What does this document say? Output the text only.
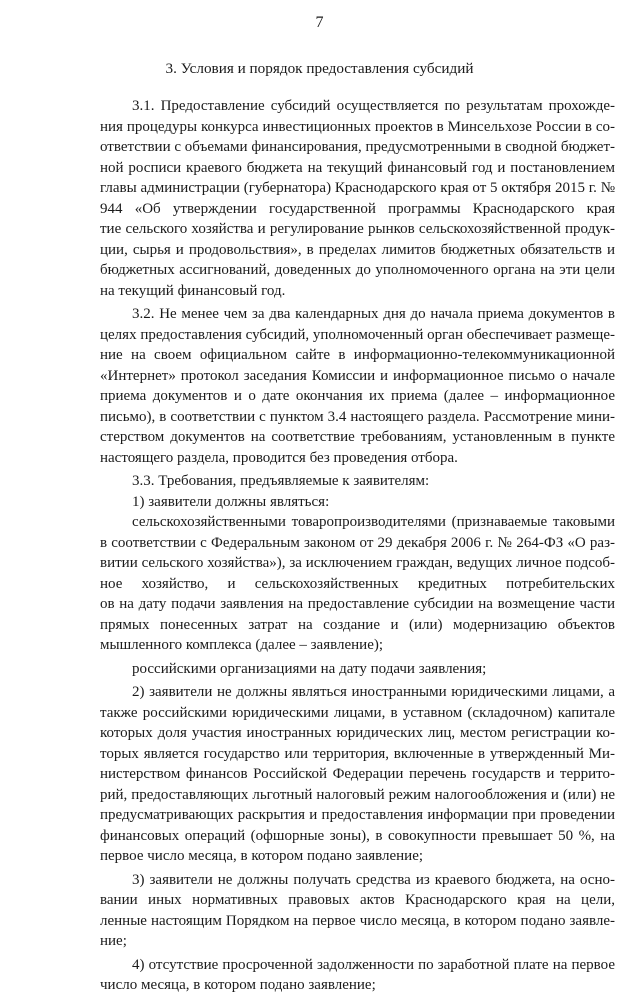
7
3. Условия и порядок предоставления субсидий
3.1. Предоставление субсидий осуществляется по результатам прохожде-
ния процедуры конкурса инвестиционных проектов в Минсельхозе России в со-
ответствии с объемами финансирования, предусмотренными в сводной бюджет-
ной росписи краевого бюджета на текущий финансовый год и постановлением
главы администрации (губернатора) Краснодарского края от 5 октября 2015 г. №
944 «Об утверждении государственной программы Краснодарского края
тие сельского хозяйства и регулирование рынков сельскохозяйственной продук-
ции, сырья и продовольствия», в пределах лимитов бюджетных обязательств и
бюджетных ассигнований, доведенных до уполномоченного органа на эти цели
на текущий финансовый год.
3.2. Не менее чем за два календарных дня до начала приема документов в
целях предоставления субсидий, уполномоченный орган обеспечивает размеще-
ние на своем официальном сайте в информационно-телекоммуникационной
«Интернет» протокол заседания Комиссии и информационное письмо о начале
приема документов и о дате окончания их приема (далее – информационное
письмо), в соответствии с пунктом 3.4 настоящего раздела. Рассмотрение мини-
стерством документов на соответствие требованиям, установленным в пункте
настоящего раздела, проводится без проведения отбора.
3.3. Требования, предъявляемые к заявителям:
1) заявители должны являться:
сельскохозяйственными товаропроизводителями (признаваемые таковыми
в соответствии с Федеральным законом от 29 декабря 2006 г. № 264-ФЗ «О раз-
витии сельского хозяйства»), за исключением граждан, ведущих личное подсоб-
ное хозяйство, и сельскохозяйственных кредитных потребительских
ов на дату подачи заявления на предоставление субсидии на возмещение части
прямых понесенных затрат на создание и (или) модернизацию объектов
мышленного комплекса (далее – заявление);
российскими организациями на дату подачи заявления;
2) заявители не должны являться иностранными юридическими лицами, а
также российскими юридическими лицами, в уставном (складочном) капитале
которых доля участия иностранных юридических лиц, местом регистрации ко-
торых является государство или территория, включенные в утвержденный Ми-
нистерством финансов Российской Федерации перечень государств и террито-
рий, предоставляющих льготный налоговый режим налогообложения и (или) не
предусматривающих раскрытия и предоставления информации при проведении
финансовых операций (офшорные зоны), в совокупности превышает 50 %, на
первое число месяца, в котором подано заявление;
3) заявители не должны получать средства из краевого бюджета, на осно-
вании иных нормативных правовых актов Краснодарского края на цели,
ленные настоящим Порядком на первое число месяца, в котором подано заявле-
ние;
4) отсутствие просроченной задолженности по заработной плате на первое
число месяца, в котором подано заявление;
